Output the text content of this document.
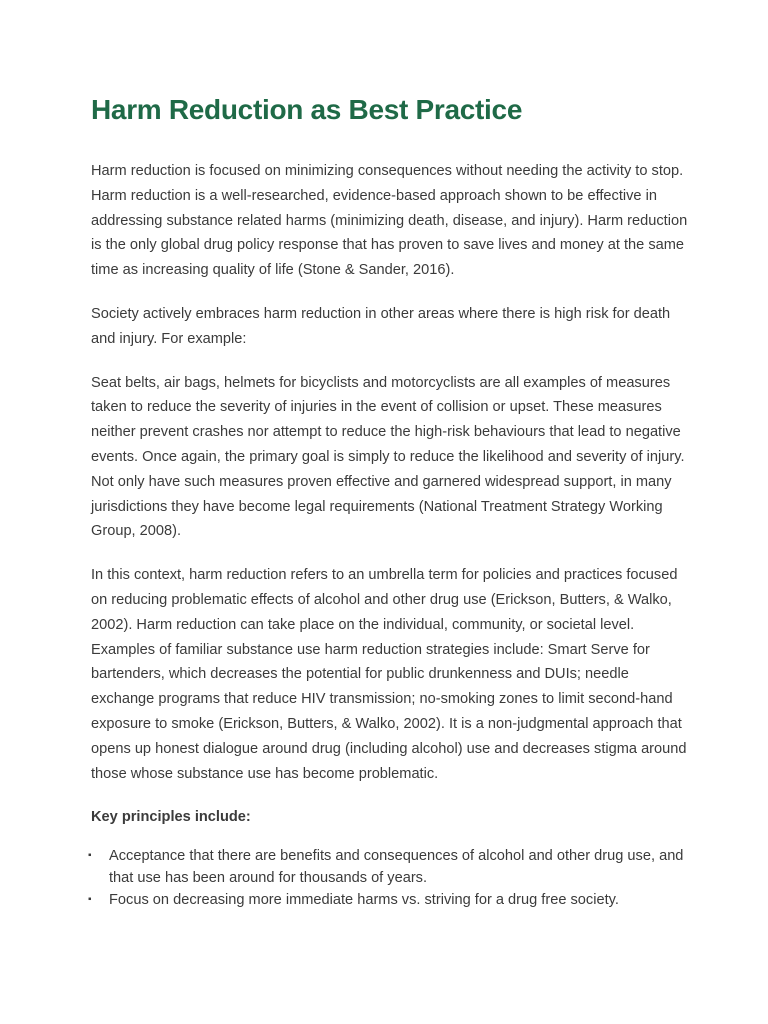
Harm Reduction as Best Practice

Harm reduction is focused on minimizing consequences without needing the activity to stop. Harm reduction is a well-researched, evidence-based approach shown to be effective in addressing substance related harms (minimizing death, disease, and injury). Harm reduction is the only global drug policy response that has proven to save lives and money at the same time as increasing quality of life (Stone & Sander, 2016).

Society actively embraces harm reduction in other areas where there is high risk for death and injury. For example:

Seat belts, air bags, helmets for bicyclists and motorcyclists are all examples of measures taken to reduce the severity of injuries in the event of collision or upset. These measures neither prevent crashes nor attempt to reduce the high-risk behaviours that lead to negative events. Once again, the primary goal is simply to reduce the likelihood and severity of injury. Not only have such measures proven effective and garnered widespread support, in many jurisdictions they have become legal requirements (National Treatment Strategy Working Group, 2008).

In this context, harm reduction refers to an umbrella term for policies and practices focused on reducing problematic effects of alcohol and other drug use (Erickson, Butters, & Walko, 2002). Harm reduction can take place on the individual, community, or societal level. Examples of familiar substance use harm reduction strategies include: Smart Serve for bartenders, which decreases the potential for public drunkenness and DUIs; needle exchange programs that reduce HIV transmission; no-smoking zones to limit second-hand exposure to smoke (Erickson, Butters, & Walko, 2002). It is a non-judgmental approach that opens up honest dialogue around drug (including alcohol) use and decreases stigma around those whose substance use has become problematic.

Key principles include:

▪ Acceptance that there are benefits and consequences of alcohol and other drug use, and that use has been around for thousands of years.
▪ Focus on decreasing more immediate harms vs. striving for a drug free society.
